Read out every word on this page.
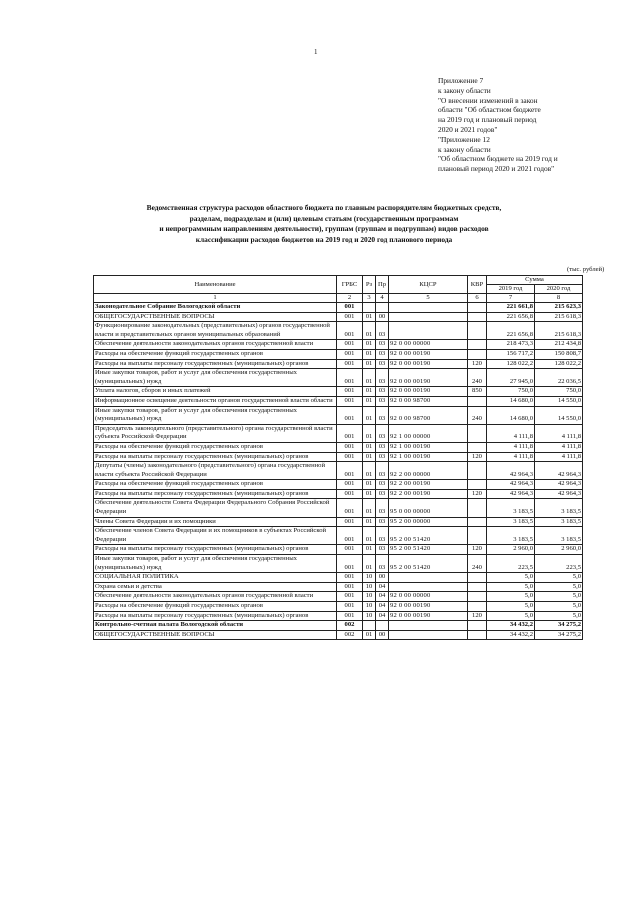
1
Приложение 7
к закону области
"О внесении изменений в закон
области "Об областном бюджете
на 2019 год и плановый период
2020 и 2021 годов"
"Приложение 12
к закону области
"Об областном бюджете на 2019 год и
плановый период 2020 и 2021 годов"
Ведомственная структура расходов областного бюджета по главным распорядителям бюджетных средств,
разделам, подразделам и (или) целевым статьям (государственным программам
и непрограммным направлениям деятельности), группам (группам и подгруппам) видов расходов
классификации расходов бюджетов на 2019 год и 2020 год планового периода
(тыс. рублей)
Наименование	ГРБС	Рз	Пр	КЦСР	КВР	Сумма	
						2019 год	2020 год
1	2	3	4	5	6	7	8
Законодательное Собрание Вологодской области	001					221 661,8	215 623,3
ОБЩЕГОСУДАРСТВЕННЫЕ ВОПРОСЫ	001	01	00			221 656,8	215 618,3
Функционирование законодательных (представительных) органов государственной власти и представительных органов муниципальных образований	001	01	03			221 656,8	215 618,3
Обеспечение деятельности законодательных органов государственной власти	001	01	03	92 0 00 00000		218 473,3	212 434,8
Расходы на обеспечение функций государственных органов	001	01	03	92 0 00 00190		156 717,2	150 808,7
Расходы на выплаты персоналу государственных (муниципальных) органов	001	01	03	92 0 00 00190	120	128 022,2	128 022,2
Иные закупки товаров, работ и услуг для обеспечения государственных (муниципальных) нужд	001	01	03	92 0 00 00190	240	27 945,0	22 036,5
Уплата налогов, сборов и иных платежей	001	01	03	92 0 00 00190	850	750,0	750,0
Информационное освещение деятельности органов государственной власти области	001	01	03	92 0 00 98700		14 680,0	14 550,0
Иные закупки товаров, работ и услуг для обеспечения государственных (муниципальных) нужд	001	01	03	92 0 00 98700	240	14 680,0	14 550,0
Председатель законодательного (представительного) органа государственной власти субъекта Российской Федерации	001	01	03	92 1 00 00000		4 111,8	4 111,8
Расходы на обеспечение функций государственных органов	001	01	03	92 1 00 00190		4 111,8	4 111,8
Расходы на выплаты персоналу государственных (муниципальных) органов	001	01	03	92 1 00 00190	120	4 111,8	4 111,8
Депутаты (члены) законодательного (представительного) органа государственной власти субъекта Российской Федерации	001	01	03	92 2 00 00000		42 964,3	42 964,3
Расходы на обеспечение функций государственных органов	001	01	03	92 2 00 00190		42 964,3	42 964,3
Расходы на выплаты персоналу государственных (муниципальных) органов	001	01	03	92 2 00 00190	120	42 964,3	42 964,3
Обеспечение деятельности Совета Федерации Федерального Собрания Российской Федерации	001	01	03	95 0 00 00000		3 183,5	3 183,5
Члены Совета Федерации и их помощники	001	01	03	95 2 00 00000		3 183,5	3 183,5
Обеспечение членов Совета Федерации и их помощников в субъектах Российской Федерации	001	01	03	95 2 00 51420		3 183,5	3 183,5
Расходы на выплаты персоналу государственных (муниципальных) органов	001	01	03	95 2 00 51420	120	2 960,0	2 960,0
Иные закупки товаров, работ и услуг для обеспечения государственных (муниципальных) нужд	001	01	03	95 2 00 51420	240	223,5	223,5
СОЦИАЛЬНАЯ ПОЛИТИКА	001	10	00			5,0	5,0
Охрана семьи и детства	001	10	04			5,0	5,0
Обеспечение деятельности законодательных органов государственной власти	001	10	04	92 0 00 00000		5,0	5,0
Расходы на обеспечение функций государственных органов	001	10	04	92 0 00 00190		5,0	5,0
Расходы на выплаты персоналу государственных (муниципальных) органов	001	10	04	92 0 00 00190	120	5,0	5,0
Контрольно-счетная палата Вологодской области	002					34 432,2	34 275,2
ОБЩЕГОСУДАРСТВЕННЫЕ ВОПРОСЫ	002	01	00			34 432,2	34 275,2
